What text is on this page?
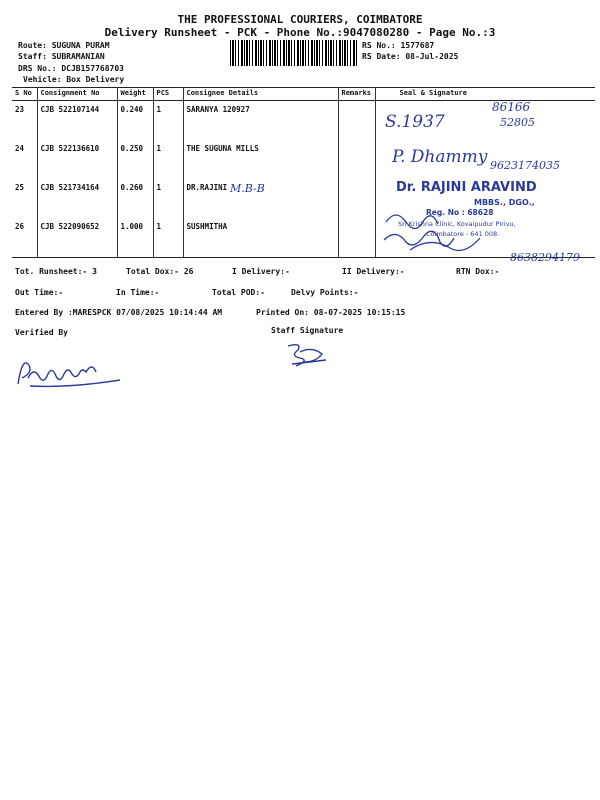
THE PROFESSIONAL COURIERS, COIMBATORE
Delivery Runsheet - PCK - Phone No.:9047080280 - Page No.:3
Route: SUGUNA PURAM
Staff: SUBRAMANIAN
DRS No.: DCJB157768703
Vehicle: Box Delivery
RS No.: 1577687
RS Date: 08-Jul-2025
S No	Consignment No	Weight	PCS	Consignee Details	Remarks	Seal & Signature
23	CJB 522107144	0.240	1	SARANYA 120927		
24	CJB 522136610	0.250	1	THE SUGUNA MILLS		
25	CJB 521734164	0.260	1	DR.RAJINI		
26	CJB 522090652	1.000	1	SUSHMITHA		
S.1937
86166
52805
P. Dhammy 9623174035
M.B-B
8638294179
Dr. RAJINI ARAVIND
MBBS., DGO.,
Reg. No : 68628
Sri Krishna Clinic, Kovaipudur Pirivu,
Coimbatore - 641 008.
Tot. Runsheet:- 3	Total Dox:- 26	I Delivery:-	II Delivery:-	RTN Dox:-
Out Time:-	In Time:-	Total POD:-	Delvy Points:-
Entered By :MARESPCK 07/08/2025 10:14:44 AM	Printed On: 08-07-2025 10:15:15
Verified By	Staff Signature
